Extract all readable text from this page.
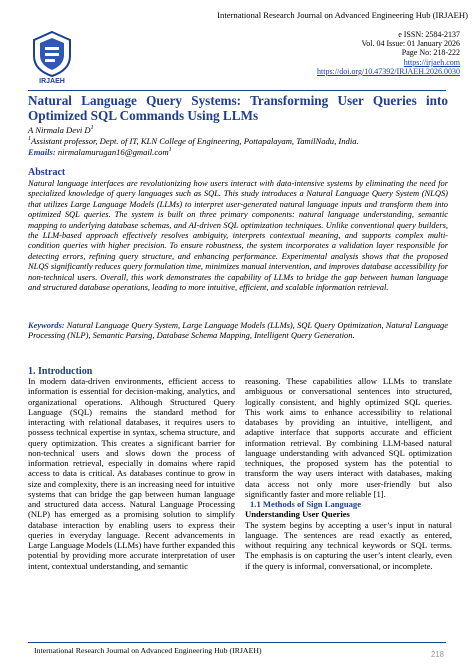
International Research Journal on Advanced Engineering Hub (IRJAEH)
IRJAEH
e ISSN: 2584-2137
Vol. 04 Issue: 01 January 2026
Page No: 218-222
https://irjaeh.com
https://doi.org/10.47392/IRJAEH.2026.0030
Natural Language Query Systems: Transforming User Queries into Optimized SQL Commands Using LLMs
A Nirmala Devi $D^1$
$^1$Assistant professor, Dept. of IT, KLN College of Engineering, Pottapalayam, TamilNadu, India.
Emails: nirmalamurugan16@gmail.com$^1$
Abstract
Natural language interfaces are revolutionizing how users interact with data-intensive systems by eliminating the need for specialized knowledge of query languages such as SQL. This study introduces a Natural Language Query System (NLQS) that utilizes Large Language Models (LLMs) to interpret user-generated natural language inputs and transform them into optimized SQL queries. The system is built on three primary components: natural language understanding, semantic mapping to underlying database schemas, and AI-driven SQL optimization techniques. Unlike conventional query builders, the LLM-based approach effectively resolves ambiguity, interprets contextual meaning, and supports complex multi-condition queries with higher precision. To ensure robustness, the system incorporates a validation layer responsible for detecting errors, refining query structure, and enhancing performance. Experimental analysis shows that the proposed NLQS significantly reduces query formulation time, minimizes manual intervention, and improves database accessibility for non-technical users. Overall, this work demonstrates the capability of LLMs to bridge the gap between human language and structured database operations, leading to more intuitive, efficient, and scalable information retrieval.
Keywords: Natural Language Query System, Large Language Models (LLMs), SQL Query Optimization, Natural Language Processing (NLP), Semantic Parsing, Database Schema Mapping, Intelligent Query Generation.
1. Introduction
In modern data-driven environments, efficient access to information is essential for decision-making, analytics, and organizational operations. Although Structured Query Language (SQL) remains the standard method for interacting with relational databases, it requires users to possess technical expertise in syntax, schema structure, and query optimization. This creates a significant barrier for non-technical users and slows down the process of information retrieval, especially in domains where rapid access to data is critical. As databases continue to grow in size and complexity, there is an increasing need for intuitive systems that can bridge the gap between human language and structured data access. Natural Language Processing (NLP) has emerged as a promising solution to simplify database interaction by enabling users to express their queries in everyday language. Recent advancements in Large Language Models (LLMs) have further expanded this potential by providing more accurate interpretation of user intent, contextual understanding, and semantic
reasoning. These capabilities allow LLMs to translate ambiguous or conversational sentences into structured, logically consistent, and highly optimized SQL queries. This work aims to enhance accessibility to relational databases by providing an intuitive, intelligent, and adaptive interface that supports accurate and efficient information retrieval. By combining LLM-based natural language understanding with advanced SQL optimization techniques, the proposed system has the potential to transform the way users interact with databases, making data access not only more user-friendly but also significantly faster and more reliable [1].
1.1 Methods of Sign Language
Understanding User Queries
The system begins by accepting a user’s input in natural language. The sentences are read exactly as entered, without requiring any technical keywords or SQL terms. The emphasis is on capturing the user’s intent clearly, even if the query is informal, conversational, or incomplete.
International Research Journal on Advanced Engineering Hub (IRJAEH)	218
